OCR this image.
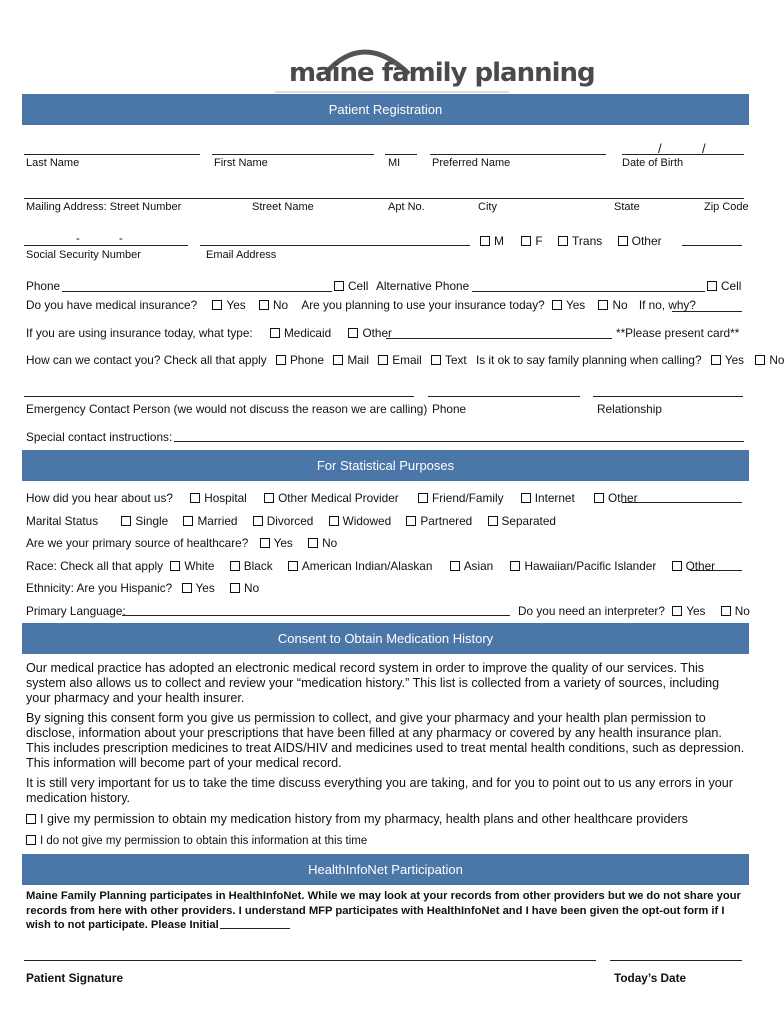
maine family planning
Patient Registration
/	/
Last Name	First Name	MI	Preferred Name	Date of Birth
Mailing Address: Street Number	Street Name	Apt No.	City	State	Zip Code
-	-
Social Security Number	Email Address
M	F Trans Other
Phone	Cell Alternative Phone	Cell
Do you have medical insurance? Yes No Are you planning to use your insurance today? Yes No If no, why?
If you are using insurance today, what type:	Medicaid	Other	**Please present card**
How can we contact you? Check all that apply Phone Mail Email Text Is it ok to say family planning when calling? Yes No
Emergency Contact Person (we would not discuss the reason we are calling) Phone	Relationship
Special contact instructions:
For Statistical Purposes
How did you hear about us?	Hospital	Other Medical Provider	Friend/Family	Internet	Other
Marital Status	Single Married Divorced Widowed Partnered Separated
Are we your primary source of healthcare? Yes No
Race: Check all that apply White Black American Indian/Alaskan	Asian	Hawaiian/Pacific Islander Other
Ethnicity: Are you Hispanic? Yes No
Primary Language:	Do you need an interpreter? Yes No
Consent to Obtain Medication History
Our medical practice has adopted an electronic medical record system in order to improve the quality of our services. This system also allows us to collect and review your “medication history.” This list is collected from a variety of sources, including your pharmacy and your health insurer.
By signing this consent form you give us permission to collect, and give your pharmacy and your health plan permission to disclose, information about your prescriptions that have been filled at any pharmacy or covered by any health insurance plan. This includes prescription medicines to treat AIDS/HIV and medicines used to treat mental health conditions, such as depression. This information will become part of your medical record.
It is still very important for us to take the time discuss everything you are taking, and for you to point out to us any errors in your medication history.
I give my permission to obtain my medication history from my pharmacy, health plans and other healthcare providers
I do not give my permission to obtain this information at this time
HealthInfoNet Participation
Maine Family Planning participates in HealthInfoNet. While we may look at your records from other providers but we do not share your records from here with other providers. I understand MFP participates with HealthInfoNet and I have been given the opt-out form if I wish to not participate. Please Initial
Patient Signature	Today’s Date
